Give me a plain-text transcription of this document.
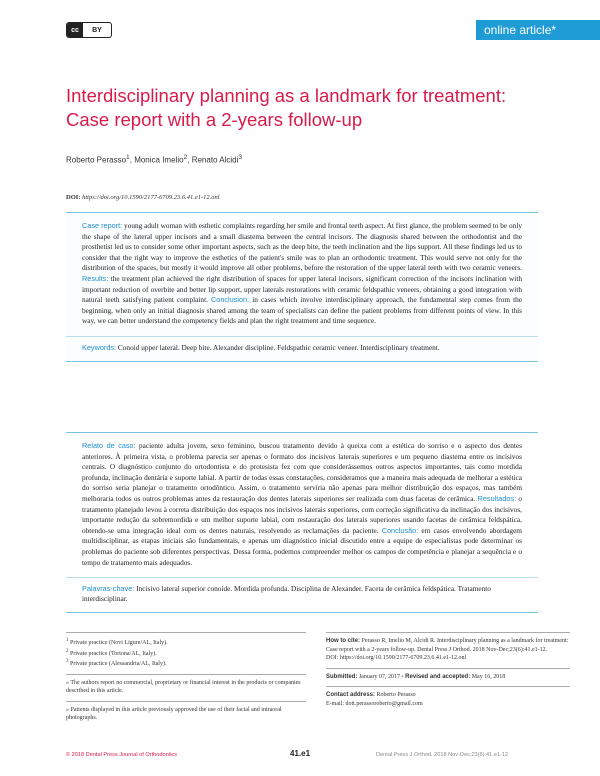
cc	BY	online
article*
Interdisciplinary planning as a landmark for treatment: Case report with a 2-years follow-up
Roberto Perasso$^1$, Monica Imelio$^2$, Renato Alcidi$^3$
DOI: https://doi.org/10.1590/2177-6709.23.6.41.e1-12.onl

Case report: young adult woman with esthetic complaints regarding her smile and frontal teeth aspect. At first glance, the problem seemed to be only the shape of the lateral upper incisors and a small diastema between the central incisors. The diagnosis shared between the orthodontist and the prosthetist led us to consider some other important aspects, such as the deep bite, the teeth inclination and the lips support. All these findings led us to consider that the right way to improve the esthetics of the patient's smile was to plan an orthodontic treatment. This would serve not only for the distribution of the spaces, but mostly it would improve all other problems, before the restoration of the upper lateral teeth with two ceramic veneers. Results: the treatment plan achieved the right distribution of spaces for upper lateral incisors, significant correction of the incisors inclination with important reduction of overbite and better lip support, upper laterals restorations with ceramic feldspathic veneers, obtaining a good integration with natural teeth satisfying patient complaint. Conclusion: in cases which involve interdisciplinary approach, the fundamental step comes from the beginning, when only an initial diagnosis shared among the team of specialists can define the patient problems from different points of view. In this way, we can better understand the competency fields and plan the right treatment and time sequence.

Keywords: Conoid upper lateral. Deep bite. Alexander discipline. Feldspathic ceramic veneer. Interdisciplinary treatment.

Relato de caso: paciente adulta jovem, sexo feminino, buscou tratamento devido à queixa com a estética do sorriso e o aspecto dos dentes anteriores. À primeira vista, o problema parecia ser apenas o formato dos incisivos laterais superiores e um pequeno diastema entre os incisivos centrais. O diagnóstico conjunto do ortodontista e do protesista fez com que considerássemos outros aspectos importantes, tais como mordida profunda, inclinação dentária e suporte labial. A partir de todas essas constatações, consideramos que a maneira mais adequada de melhorar a estética do sorriso seria planejar o tratamento ortodôntico. Assim, o tratamento serviria não apenas para melhor distribuição dos espaços, mas também melhoraria todos os outros problemas antes da restauração dos dentes laterais superiores ser realizada com duas facetas de cerâmica. Resultados: o tratamento planejado levou à correta distribuição dos espaços nos incisivos laterais superiores, com correção significativa da inclinação dos incisivos, importante redução da sobremordida e um melhor suporte labial, com restauração dos laterais superiores usando facetas de cerâmica feldspática, obtendo-se uma integração ideal com os dentes naturais, resolvendo as reclamações da paciente. Conclusão: em casos envolvendo abordagem multidisciplinar, as etapas iniciais são fundamentais, e apenas um diagnóstico inicial discutido entre a equipe de especialistas pode determinar os problemas do paciente sob diferentes perspectivas. Dessa forma, podemos compreender melhor os campos de competência e planejar a sequência e o tempo de tratamento mais adequados.

Palavras-chave: Incisivo lateral superior conoide. Mordida profunda. Disciplina de Alexander. Faceta de cerâmica feldspática. Tratamento interdisciplinar.

$^1$ Private practice (Novi Ligure/AL, Italy).

$^2$ Private practice (Tortona/AL, Italy).

$^3$ Private practice (Alessandria/AL, Italy).

» The authors report no commercial, proprietary or financial interest in the products or companies described in this article.

» Patients displayed in this article previously approved the use of their facial and intraoral photographs.

How to cite: Perasso R, Imelio M, Alcidi R. Interdisciplinary planning as a landmark for treatment: Case report with a 2-years follow-up. Dental Press J Orthod. 2018 Nov-Dec;23(6):41.e1-12.
DOI: https://doi.org/10.1590/2177-6709.23.6.41.e1-12.onl

Submitted: January 07, 2017 - Revised and accepted: May 16, 2018

Contact address: Roberto Perasso
E-mail: dott.perassoroberto@gmail.com

© 2018 Dental Press Journal of Orthodontics	Dental Press J Orthod. 2018 Nov-Dec;23(6):41.e1-12
41.e1
